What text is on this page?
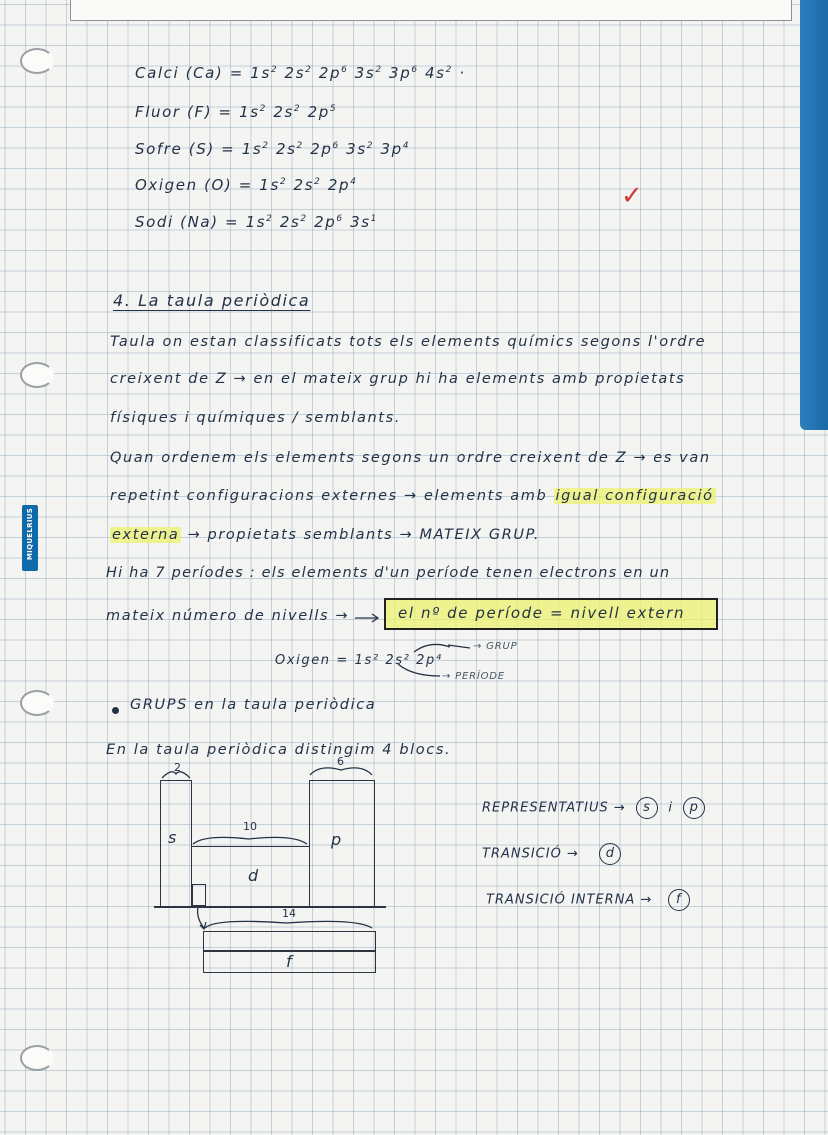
MIQUELRIUS
Calci $(Ca) = 1s^2$ $2s^2$ $2p^6$ $3s^2$ $3p^6$ $4s^2$ ·
Fluor $(F) = 1s^2$ $2s^2$ $2p^5$
Sofre $(S) = 1s^2$ $2s^2$ $2p^6$ $3s^2$ $3p^4$
Oxigen $(O) = 1s^2$ $2s^2$ $2p^4$
Sodi $(Na) = 1s^2$ $2s^2$ $2p^6$ $3s^1$
✓
4. La taula periòdica
Taula on estan classificats tots els elements químics segons l'ordre
creixent de Z → en el mateix grup hi ha elements amb propietats
físiques i químiques / semblants.
Quan ordenem els elements segons un ordre creixent de Z → es van
repetint configuracions externes → elements amb igual configuració
externa → propietats semblants → MATEIX GRUP.
Hi ha 7 períodes : els elements d'un període tenen electrons en un
mateix número de nivells →	el nº de període = nivell extern
Oxigen = 1s² 2s² 2p⁴
→ GRUP
→ PERÍODE
GRUPS en la taula periòdica
En la taula periòdica distingim 4 blocs.
2	6
10
14
s	p
d
f
REPRESENTATIUS → s i p
TRANSICIÓ → d
TRANSICIÓ INTERNA → f
